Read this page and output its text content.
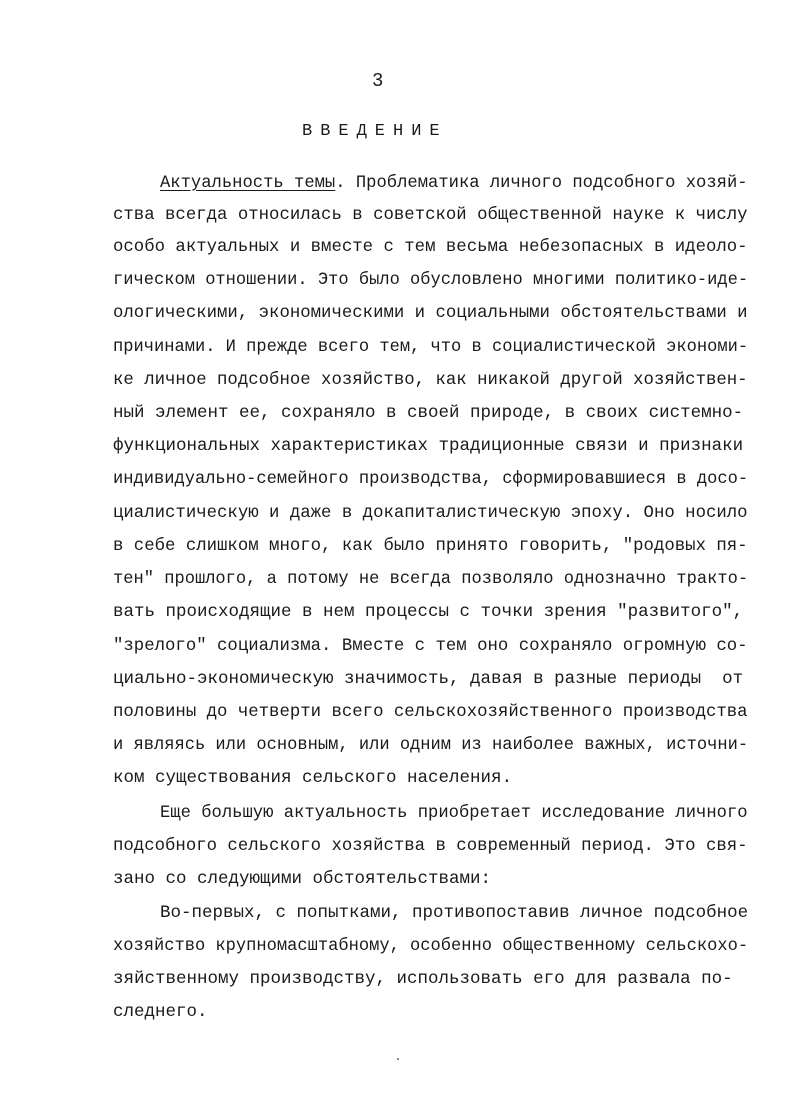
3
ВВЕДЕНИЕ
Актуальность темы. Проблематика личного подсобного хозяй-
ства всегда относилась в советской общественной науке к числу
особо актуальных и вместе с тем весьма небезопасных в идеоло-
гическом отношении. Это было обусловлено многими политико-иде-
ологическими, экономическими и социальными обстоятельствами и
причинами. И прежде всего тем, что в социалистической экономи-
ке личное подсобное хозяйство, как никакой другой хозяйствен-
ный элемент ее, сохраняло в своей природе, в своих системно-
функциональных характеристиках традиционные связи и признаки
индивидуально-семейного производства, сформировавшиеся в досо-
циалистическую и даже в докапиталистическую эпоху. Оно носило
в себе слишком много, как было принято говорить, "родовых пя-
тен" прошлого, а потому не всегда позволяло однозначно тракто-
вать происходящие в нем процессы с точки зрения "развитого",
"зрелого" социализма. Вместе с тем оно сохраняло огромную со-
циально-экономическую значимость, давая в разные периоды  от
половины до четверти всего сельскохозяйственного производства
и являясь или основным, или одним из наиболее важных, источни-
ком существования сельского населения.
Еще большую актуальность приобретает исследование личного
подсобного сельского хозяйства в современный период. Это свя-
зано со следующими обстоятельствами:
Во-первых, с попытками, противопоставив личное подсобное
хозяйство крупномасштабному, особенно общественному сельскохо-
зяйственному производству, использовать его для развала по-
следнего.
